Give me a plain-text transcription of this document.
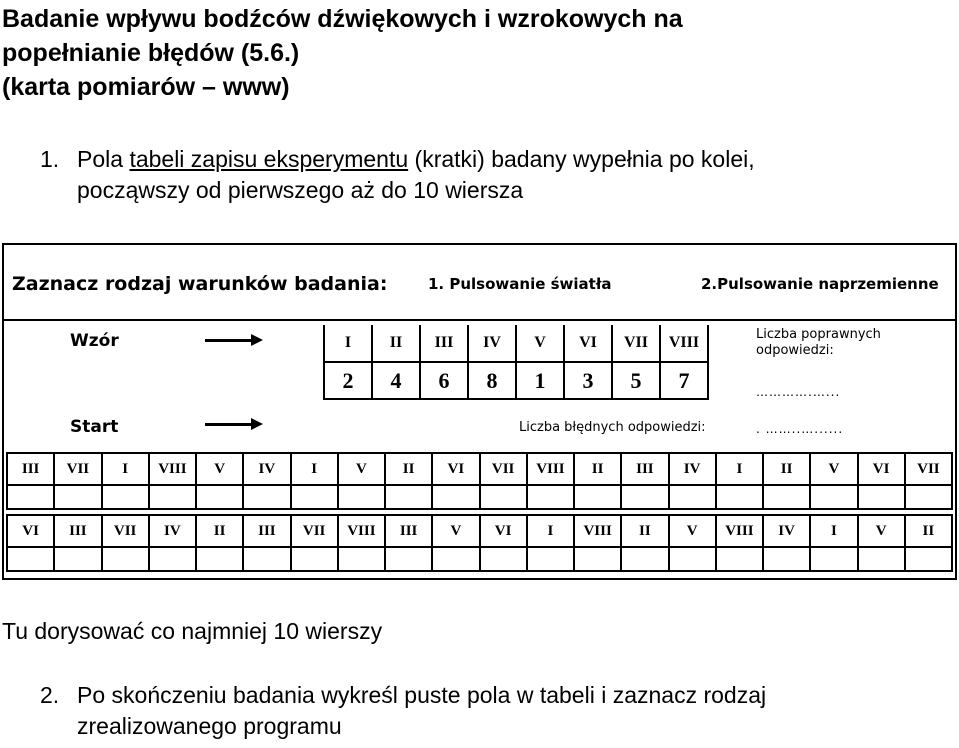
Badanie wpływu bodźców dźwiękowych i wzrokowych na
popełnianie błędów (5.6.)
(karta pomiarów – www)
1. Pola tabeli zapisu eksperymentu (kratki) badany wypełnia po kolei,
począwszy od pierwszego aż do 10 wiersza
Zaznacz rodzaj warunków badania:	1. Pulsowanie światła	2.Pulsowanie naprzemienne
Wzór	I	II	III	IV	V	VI	VII	VIII
2	4	6	8	1	3	5	7
Liczba poprawnych
odpowiedzi:
………….…...
Start	Liczba błędnych odpowiedzi:	. ……..…......
III	VII	I	VIII	V	IV	I	V	II	VI	VII	VIII	II	III	IV	I	II	V	VI	VII

VI	III	VII	IV	II	III	VII	VIII	III	V	VI	I	VIII	II	V	VIII	IV	I	V	II

Tu dorysować co najmniej 10 wierszy
2. Po skończeniu badania wykreśl puste pola w tabeli i zaznacz rodzaj
zrealizowanego programu
